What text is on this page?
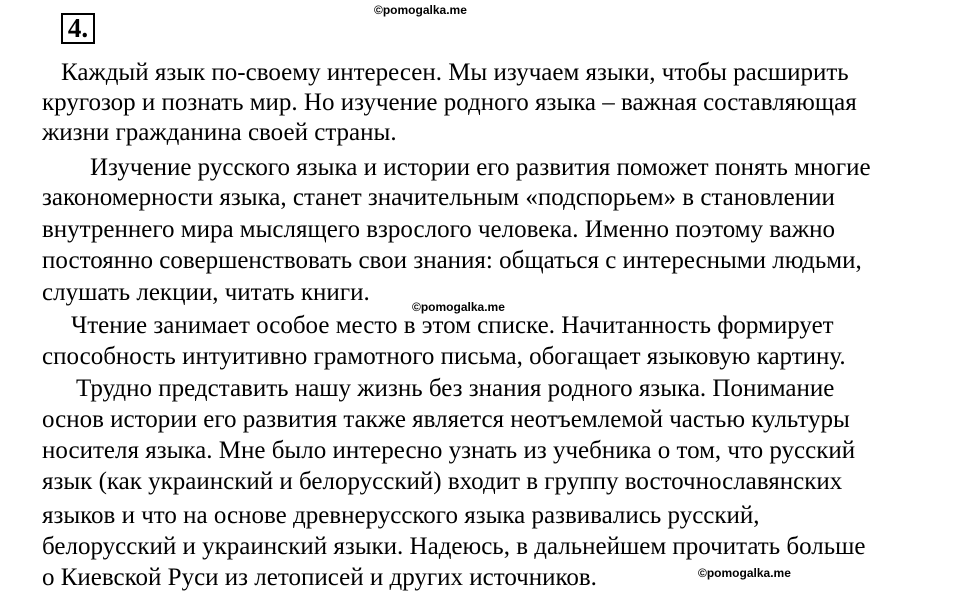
4.
©pomogalka.me
©pomogalka.me
©pomogalka.me
Каждый язык по-своему интересен. Мы изучаем языки, чтобы расширить
кругозор и познать мир. Но изучение родного языка – важная составляющая
жизни гражданина своей страны.
Изучение русского языка и истории его развития поможет понять многие
закономерности языка, станет значительным «подспорьем» в становлении
внутреннего мира мыслящего взрослого человека. Именно поэтому важно
постоянно совершенствовать свои знания: общаться с интересными людьми,
слушать лекции, читать книги.
Чтение занимает особое место в этом списке. Начитанность формирует
способность интуитивно грамотного письма, обогащает языковую картину.
Трудно представить нашу жизнь без знания родного языка. Понимание
основ истории его развития также является неотъемлемой частью культуры
носителя языка. Мне было интересно узнать из учебника о том, что русский
язык (как украинский и белорусский) входит в группу восточнославянских
языков и что на основе древнерусского языка развивались русский,
белорусский и украинский языки. Надеюсь, в дальнейшем прочитать больше
о Киевской Руси из летописей и других источников.
